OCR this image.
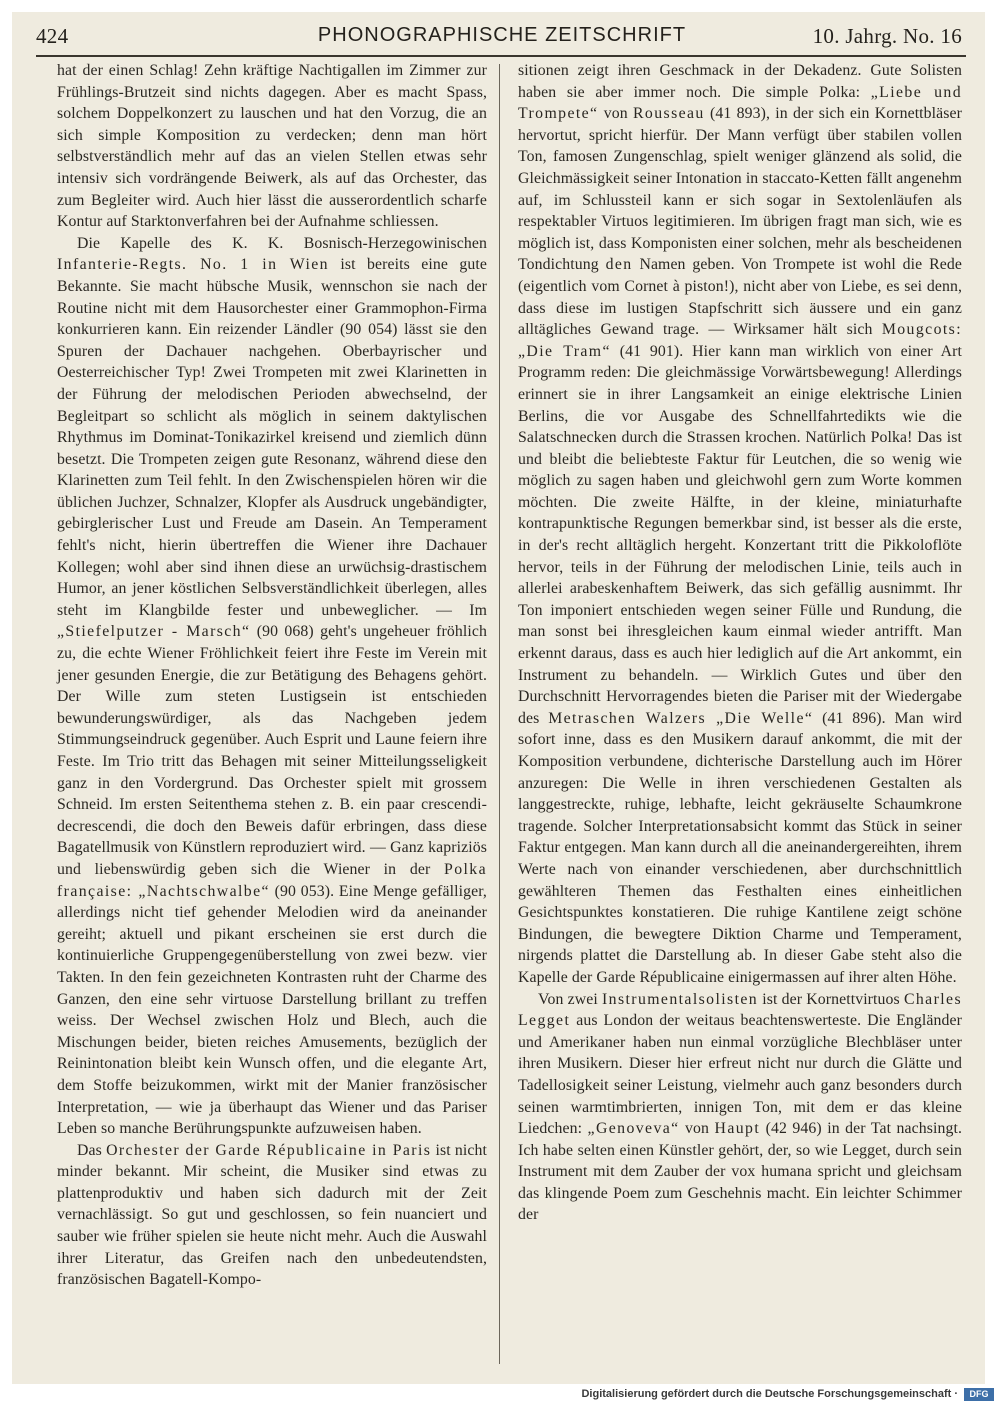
424	PHONOGRAPHISCHE ZEITSCHRIFT	10. Jahrg. No. 16

hat der einen Schlag! Zehn kräftige Nachtigallen im Zimmer zur Frühlings-Brutzeit sind nichts dagegen. Aber es macht Spass, solchem Doppelkonzert zu lauschen und hat den Vorzug, die an sich simple Komposition zu verdecken; denn man hört selbstverständlich mehr auf das an vielen Stellen etwas sehr intensiv sich vordrängende Beiwerk, als auf das Orchester, das zum Begleiter wird. Auch hier lässt die ausserordentlich scharfe Kontur auf Starktonverfahren bei der Aufnahme schliessen.

Die Kapelle des K. K. Bosnisch-Herzegowinischen Infanterie-Regts. No. 1 in Wien ist bereits eine gute Bekannte. Sie macht hübsche Musik, wennschon sie nach der Routine nicht mit dem Hausorchester einer Grammophon-Firma konkurrieren kann. Ein reizender Ländler (90 054) lässt sie den Spuren der Dachauer nachgehen. Oberbayrischer und Oesterreichischer Typ! Zwei Trompeten mit zwei Klarinetten in der Führung der melodischen Perioden abwechselnd, der Begleitpart so schlicht als möglich in seinem daktylischen Rhythmus im Dominat-Tonikazirkel kreisend und ziemlich dünn besetzt. Die Trompeten zeigen gute Resonanz, während diese den Klarinetten zum Teil fehlt. In den Zwischenspielen hören wir die üblichen Juchzer, Schnalzer, Klopfer als Ausdruck ungebändigter, gebirglerischer Lust und Freude am Dasein. An Temperament fehlt's nicht, hierin übertreffen die Wiener ihre Dachauer Kollegen; wohl aber sind ihnen diese an urwüchsig-drastischem Humor, an jener köstlichen Selbsverständlichkeit überlegen, alles steht im Klangbilde fester und unbeweglicher. — Im „Stiefelputzer - Marsch“ (90 068) geht's ungeheuer fröhlich zu, die echte Wiener Fröhlichkeit feiert ihre Feste im Verein mit jener gesunden Energie, die zur Betätigung des Behagens gehört. Der Wille zum steten Lustigsein ist entschieden bewunderungswürdiger, als das Nachgeben jedem Stimmungseindruck gegenüber. Auch Esprit und Laune feiern ihre Feste. Im Trio tritt das Behagen mit seiner Mitteilungsseligkeit ganz in den Vordergrund. Das Orchester spielt mit grossem Schneid. Im ersten Seitenthema stehen z. B. ein paar crescendi-decrescendi, die doch den Beweis dafür erbringen, dass diese Bagatellmusik von Künstlern reproduziert wird. — Ganz kapriziös und liebenswürdig geben sich die Wiener in der Polka française: „Nachtschwalbe“ (90 053). Eine Menge gefälliger, allerdings nicht tief gehender Melodien wird da aneinander gereiht; aktuell und pikant erscheinen sie erst durch die kontinuierliche Gruppengegenüberstellung von zwei bezw. vier Takten. In den fein gezeichneten Kontrasten ruht der Charme des Ganzen, den eine sehr virtuose Darstellung brillant zu treffen weiss. Der Wechsel zwischen Holz und Blech, auch die Mischungen beider, bieten reiches Amusements, bezüglich der Reinintonation bleibt kein Wunsch offen, und die elegante Art, dem Stoffe beizukommen, wirkt mit der Manier französischer Interpretation, — wie ja überhaupt das Wiener und das Pariser Leben so manche Berührungspunkte aufzuweisen haben.

Das Orchester der Garde Républicaine in Paris ist nicht minder bekannt. Mir scheint, die Musiker sind etwas zu plattenproduktiv und haben sich dadurch mit der Zeit vernachlässigt. So gut und geschlossen, so fein nuanciert und sauber wie früher spielen sie heute nicht mehr. Auch die Auswahl ihrer Literatur, das Greifen nach den unbedeutendsten, französischen Bagatell-Kompo-

sitionen zeigt ihren Geschmack in der Dekadenz. Gute Solisten haben sie aber immer noch. Die simple Polka: „Liebe und Trompete“ von Rousseau (41 893), in der sich ein Kornettbläser hervortut, spricht hierfür. Der Mann verfügt über stabilen vollen Ton, famosen Zungenschlag, spielt weniger glänzend als solid, die Gleichmässigkeit seiner Intonation in staccato-Ketten fällt angenehm auf, im Schlussteil kann er sich sogar in Sextolenläufen als respektabler Virtuos legitimieren. Im übrigen fragt man sich, wie es möglich ist, dass Komponisten einer solchen, mehr als bescheidenen Tondichtung den Namen geben. Von Trompete ist wohl die Rede (eigentlich vom Cornet à piston!), nicht aber von Liebe, es sei denn, dass diese im lustigen Stapfschritt sich äussere und ein ganz alltägliches Gewand trage. — Wirksamer hält sich Mougcots: „Die Tram“ (41 901). Hier kann man wirklich von einer Art Programm reden: Die gleichmässige Vorwärtsbewegung! Allerdings erinnert sie in ihrer Langsamkeit an einige elektrische Linien Berlins, die vor Ausgabe des Schnellfahrtedikts wie die Salatschnecken durch die Strassen krochen. Natürlich Polka! Das ist und bleibt die beliebteste Faktur für Leutchen, die so wenig wie möglich zu sagen haben und gleichwohl gern zum Worte kommen möchten. Die zweite Hälfte, in der kleine, miniaturhafte kontrapunktische Regungen bemerkbar sind, ist besser als die erste, in der's recht alltäglich hergeht. Konzertant tritt die Pikkoloflöte hervor, teils in der Führung der melodischen Linie, teils auch in allerlei arabeskenhaftem Beiwerk, das sich gefällig ausnimmt. Ihr Ton imponiert entschieden wegen seiner Fülle und Rundung, die man sonst bei ihresgleichen kaum einmal wieder antrifft. Man erkennt daraus, dass es auch hier lediglich auf die Art ankommt, ein Instrument zu behandeln. — Wirklich Gutes und über den Durchschnitt Hervorragendes bieten die Pariser mit der Wiedergabe des Metraschen Walzers „Die Welle“ (41 896). Man wird sofort inne, dass es den Musikern darauf ankommt, die mit der Komposition verbundene, dichterische Darstellung auch im Hörer anzuregen: Die Welle in ihren verschiedenen Gestalten als langgestreckte, ruhige, lebhafte, leicht gekräuselte Schaumkrone tragende. Solcher Interpretationsabsicht kommt das Stück in seiner Faktur entgegen. Man kann durch all die aneinandergereihten, ihrem Werte nach von einander verschiedenen, aber durchschnittlich gewählteren Themen das Festhalten eines einheitlichen Gesichtspunktes konstatieren. Die ruhige Kantilene zeigt schöne Bindungen, die bewegtere Diktion Charme und Temperament, nirgends plattet die Darstellung ab. In dieser Gabe steht also die Kapelle der Garde Républicaine einigermassen auf ihrer alten Höhe.

Von zwei Instrumentalsolisten ist der Kornettvirtuos Charles Legget aus London der weitaus beachtenswerteste. Die Engländer und Amerikaner haben nun einmal vorzügliche Blechbläser unter ihren Musikern. Dieser hier erfreut nicht nur durch die Glätte und Tadellosigkeit seiner Leistung, vielmehr auch ganz besonders durch seinen warmtimbrierten, innigen Ton, mit dem er das kleine Liedchen: „Genoveva“ von Haupt (42 946) in der Tat nachsingt. Ich habe selten einen Künstler gehört, der, so wie Legget, durch sein Instrument mit dem Zauber der vox humana spricht und gleichsam das klingende Poem zum Geschehnis macht. Ein leichter Schimmer der

Digitalisierung gefördert durch die Deutsche Forschungsgemeinschaft ·	DFG
